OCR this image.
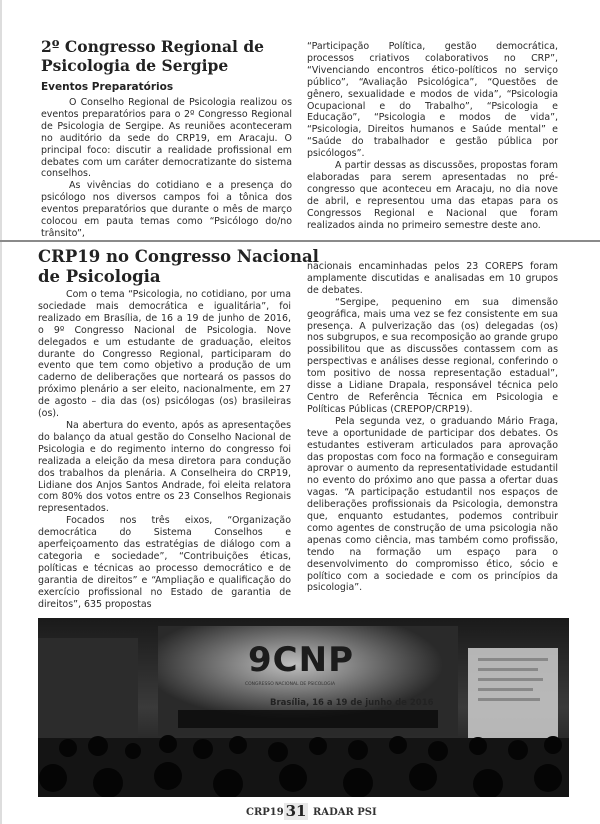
2º Congresso Regional de
Psicologia de Sergipe
Eventos Preparatórios

O Conselho Regional de Psicologia realizou os eventos preparatórios para o 2º Congresso Regional de Psicologia de Sergipe. As reuniões aconteceram no auditório da sede do CRP19, em Aracaju. O principal foco: discutir a realidade profissional em debates com um caráter democratizante do sistema conselhos.

As vivências do cotidiano e a presença do psicólogo nos diversos campos foi a tônica dos eventos preparatórios que durante o mês de março colocou em pauta temas como “Psicólogo do/no trânsito”,

“Participação Política, gestão democrática, processos criativos colaborativos no CRP”, “Vivenciando encontros ético-políticos no serviço público”, “Avaliação Psicológica”, “Questões de gênero, sexualidade e modos de vida”, “Psicologia Ocupacional e do Trabalho”, “Psicologia e Educação”, “Psicologia e modos de vida”, “Psicologia, Direitos humanos e Saúde mental” e “Saúde do trabalhador e gestão pública por psicólogos”.

A partir dessas as discussões, propostas foram elaboradas para serem apresentadas no pré-congresso que aconteceu em Aracaju, no dia nove de abril, e representou uma das etapas para os Congressos Regional e Nacional que foram realizados ainda no primeiro semestre deste ano.

CRP19 no Congresso Nacional
de Psicologia

Com o tema “Psicologia, no cotidiano, por uma sociedade mais democrática e igualitária”, foi realizado em Brasília, de 16 a 19 de junho de 2016, o 9º Congresso Nacional de Psicologia. Nove delegados e um estudante de graduação, eleitos durante do Congresso Regional, participaram do evento que tem como objetivo a produção de um caderno de deliberações que norteará os passos do próximo plenário a ser eleito, nacionalmente, em 27 de agosto – dia das (os) psicólogas (os) brasileiras (os).

Na abertura do evento, após as apresentações do balanço da atual gestão do Conselho Nacional de Psicologia e do regimento interno do congresso foi realizada a eleição da mesa diretora para condução dos trabalhos da plenária. A Conselheira do CRP19, Lidiane dos Anjos Santos Andrade, foi eleita relatora com 80% dos votos entre os 23 Conselhos Regionais representados.

Focados nos três eixos, “Organização democrática do Sistema Conselhos e aperfeiçoamento das estratégias de diálogo com a categoria e sociedade”, “Contribuições éticas, políticas e técnicas ao processo democrático e de garantia de direitos” e “Ampliação e qualificação do exercício profissional no Estado de garantia de direitos”, 635 propostas

nacionais encaminhadas pelos 23 COREPS foram amplamente discutidas e analisadas em 10 grupos de debates.

“Sergipe, pequenino em sua dimensão geográfica, mais uma vez se fez consistente em sua presença. A pulverização das (os) delegadas (os) nos subgrupos, e sua recomposição ao grande grupo possibilitou que as discussões contassem com as perspectivas e análises desse regional, conferindo o tom positivo de nossa representação estadual”, disse a Lidiane Drapala, responsável técnica pelo Centro de Referência Técnica em Psicologia e Políticas Públicas (CREPOP/CRP19).

Pela segunda vez, o graduando Mário Fraga, teve a oportunidade de participar dos debates. Os estudantes estiveram articulados para aprovação das propostas com foco na formação e conseguiram aprovar o aumento da representatividade estudantil no evento do próximo ano que passa a ofertar duas vagas. “A participação estudantil nos espaços de deliberações profissionais da Psicologia, demonstra que, enquanto estudantes, podemos contribuir como agentes de construção de uma psicologia não apenas como ciência, mas também como profissão, tendo na formação um espaço para o desenvolvimento do compromisso ético, sócio e político com a sociedade e com os princípios da psicologia”.

9CNP
CONGRESSO NACIONAL DE PSICOLOGIA
Brasília, 16 a 19 de junho de 2016
CRP19 31 RADAR PSI
